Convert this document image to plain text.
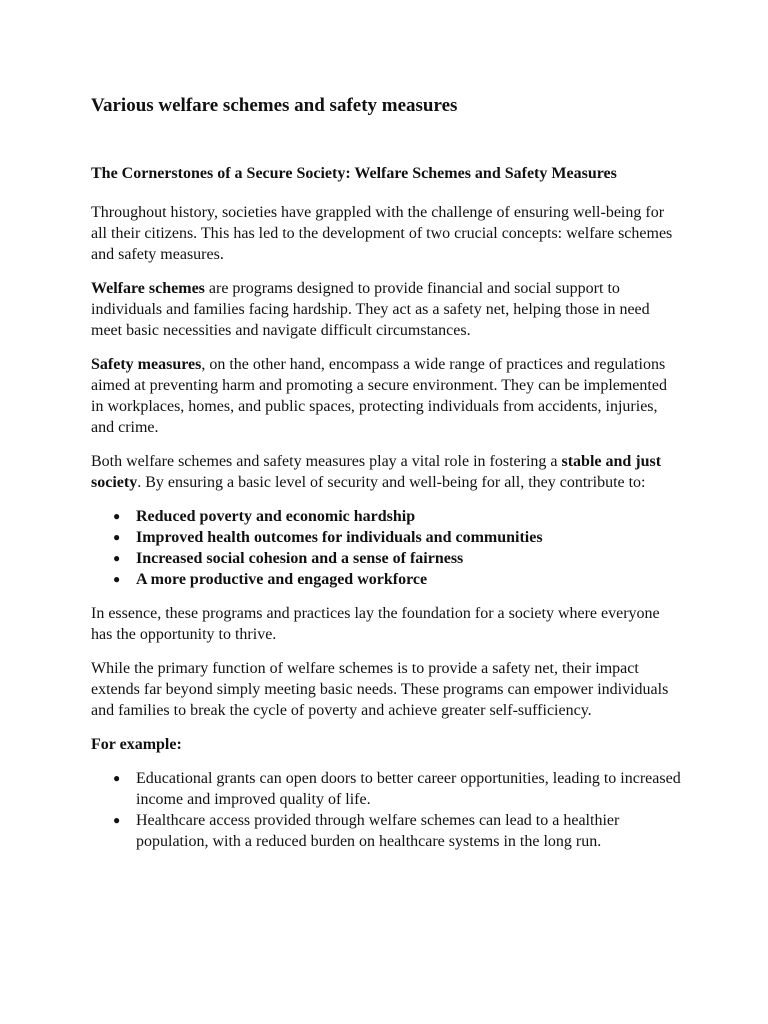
Various welfare schemes and safety measures
The Cornerstones of a Secure Society: Welfare Schemes and Safety Measures

Throughout history, societies have grappled with the challenge of ensuring well-being for all their citizens. This has led to the development of two crucial concepts: welfare schemes and safety measures.

Welfare schemes are programs designed to provide financial and social support to individuals and families facing hardship. They act as a safety net, helping those in need meet basic necessities and navigate difficult circumstances.

Safety measures, on the other hand, encompass a wide range of practices and regulations aimed at preventing harm and promoting a secure environment. They can be implemented in workplaces, homes, and public spaces, protecting individuals from accidents, injuries, and crime.

Both welfare schemes and safety measures play a vital role in fostering a stable and just society. By ensuring a basic level of security and well-being for all, they contribute to:

● Reduced poverty and economic hardship
● Improved health outcomes for individuals and communities
● Increased social cohesion and a sense of fairness
● A more productive and engaged workforce

In essence, these programs and practices lay the foundation for a society where everyone has the opportunity to thrive.

While the primary function of welfare schemes is to provide a safety net, their impact extends far beyond simply meeting basic needs. These programs can empower individuals and families to break the cycle of poverty and achieve greater self-sufficiency.

For example:

● Educational grants can open doors to better career opportunities, leading to increased income and improved quality of life.
● Healthcare access provided through welfare schemes can lead to a healthier population, with a reduced burden on healthcare systems in the long run.
